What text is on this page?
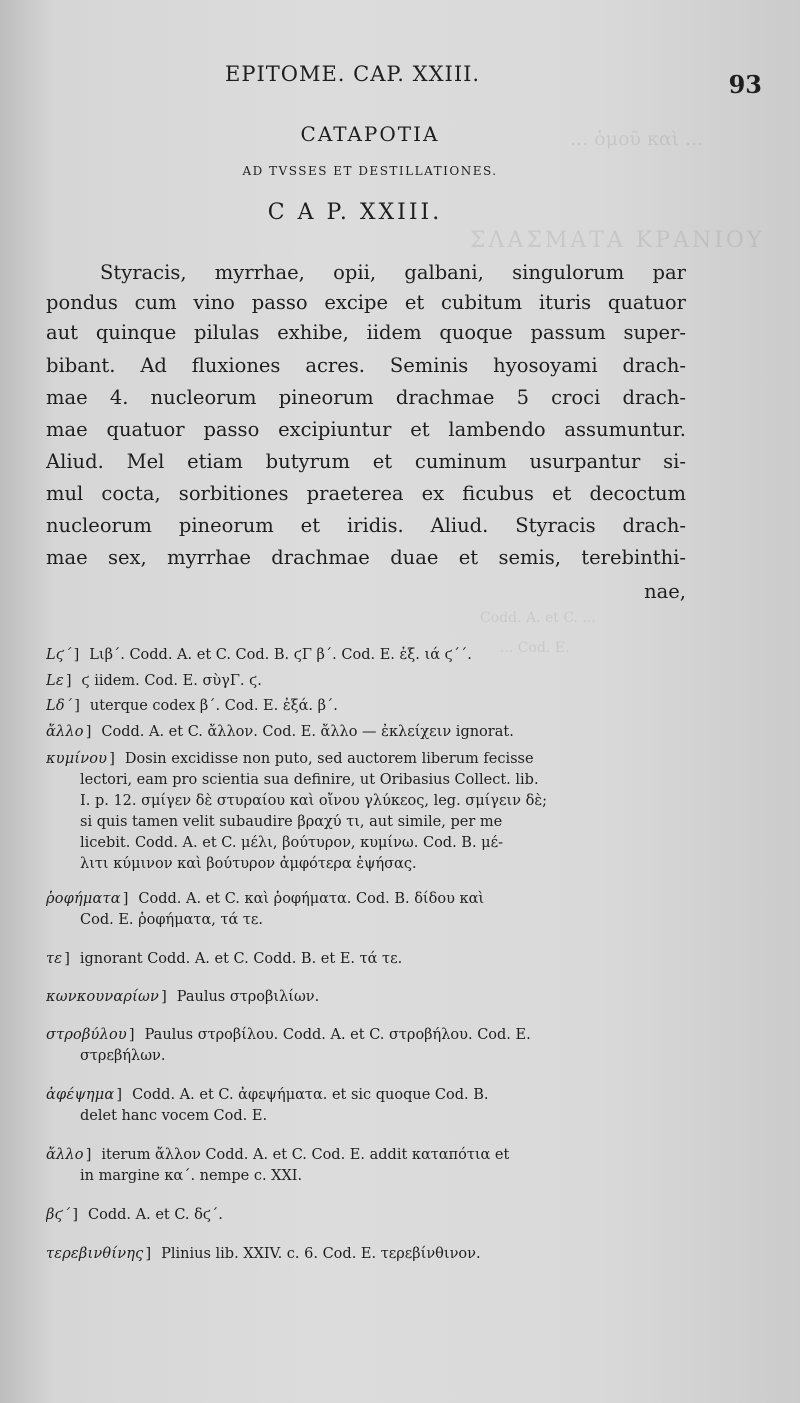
... ὁμοῦ καὶ ...
ΣΛΑΣΜΑΤΑ ΚΡΑΝΙΟΥ
Codd. A. et C. ...
... Cod. E.
EPITOME. CAP. XXIII.	93
CATAPOTIA
AD TVSSES ET DESTILLATIONES.
C A P. XXIII.
Styracis, myrrhae, opii, galbani, singulorum par
pondus cum vino passo excipe et cubitum ituris quatuor
aut quinque pilulas exhibe, iidem quoque passum super-
bibant. Ad fluxiones acres. Seminis hyosoyami drach-
mae 4. nucleorum pineorum drachmae 5 croci drach-
mae quatuor passo excipiuntur et lambendo assumuntur.
Aliud. Mel etiam butyrum et cuminum usurpantur si-
mul cocta, sorbitiones praeterea ex ficubus et decoctum
nucleorum pineorum et iridis. Aliud. Styracis drach-
mae sex, myrrhae drachmae duae et semis, terebinthi-
nae,
Lϛ´ ] Lιβ´. Codd. A. et C. Cod. B. ϛΓ β´. Cod. E. ἐξ. ιά ϛ´´.
Lε ] ϛ iidem. Cod. E. σὺγΓ. ϛ.
Lδ´ ] uterque codex β´. Cod. E. ἐξά. β´.
ἄλλο ] Codd. A. et C. ἄλλον. Cod. E. ἄλλο — ἐκλείχειν ignorat.
κυμίνου ] Dosin excidisse non puto, sed auctorem liberum fecisse
lectori, eam pro scientia sua definire, ut Oribasius Collect. lib.
I. p. 12. σμίγεν δὲ στυραίου καὶ οἴνου γλύκεος, leg. σμίγειν δὲ;
si quis tamen velit subaudire βραχύ τι, aut simile, per me
licebit. Codd. A. et C. μέλι, βούτυρον, κυμίνω. Cod. B. μέ-
λιτι κύμινον καὶ βούτυρον ἀμφότερα ἑψήσας.
ῥοφήματα ] Codd. A. et C. καὶ ῥοφήματα. Cod. B. δίδου καὶ
Cod. E. ῥοφήματα, τά τε.
τε ] ignorant Codd. A. et C. Codd. B. et E. τά τε.
κωνκουναρίων ] Paulus στροβιλίων.
στροβύλου ] Paulus στροβίλου. Codd. A. et C. στροβήλου. Cod. E.
στρεβήλων.
ἀφέψημα ] Codd. A. et C. ἀφεψήματα. et sic quoque Cod. B.
delet hanc vocem Cod. E.
ἄλλο ] iterum ἄλλον Codd. A. et C. Cod. E. addit καταπότια et
in margine κα´. nempe c. XXI.
βϛ´ ] Codd. A. et C. δϛ´.
τερεβινθίνης ] Plinius lib. XXIV. c. 6. Cod. E. τερεβίνθινον.
